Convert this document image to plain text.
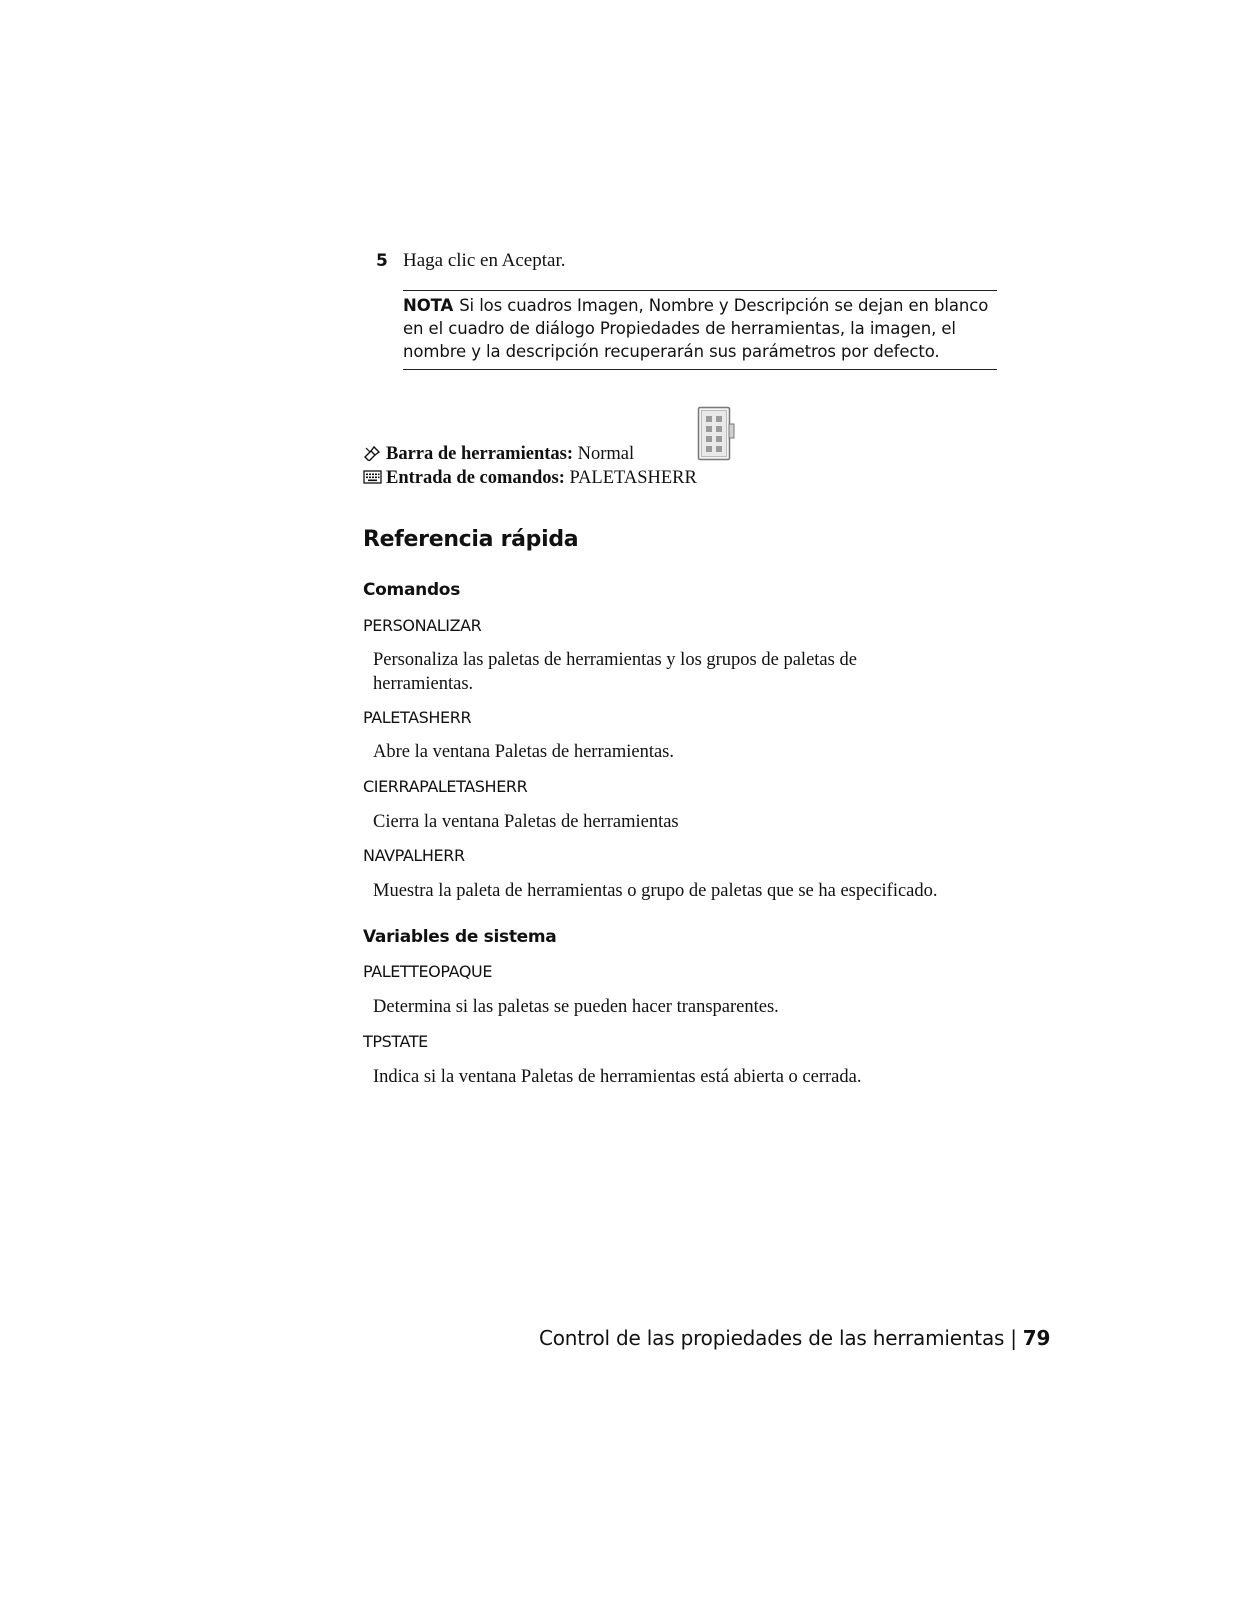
5 Haga clic en Aceptar.
NOTA Si los cuadros Imagen, Nombre y Descripción se dejan en blanco en el cuadro de diálogo Propiedades de herramientas, la imagen, el nombre y la descripción recuperarán sus parámetros por defecto.
Barra de herramientas: Normal
Entrada de comandos: PALETASHERR
Referencia rápida
Comandos
PERSONALIZAR
Personaliza las paletas de herramientas y los grupos de paletas de herramientas.
PALETASHERR
Abre la ventana Paletas de herramientas.
CIERRAPALETASHERR
Cierra la ventana Paletas de herramientas
NAVPALHERR
Muestra la paleta de herramientas o grupo de paletas que se ha especificado.
Variables de sistema
PALETTEOPAQUE
Determina si las paletas se pueden hacer transparentes.
TPSTATE
Indica si la ventana Paletas de herramientas está abierta o cerrada.
Control de las propiedades de las herramientas | 79
